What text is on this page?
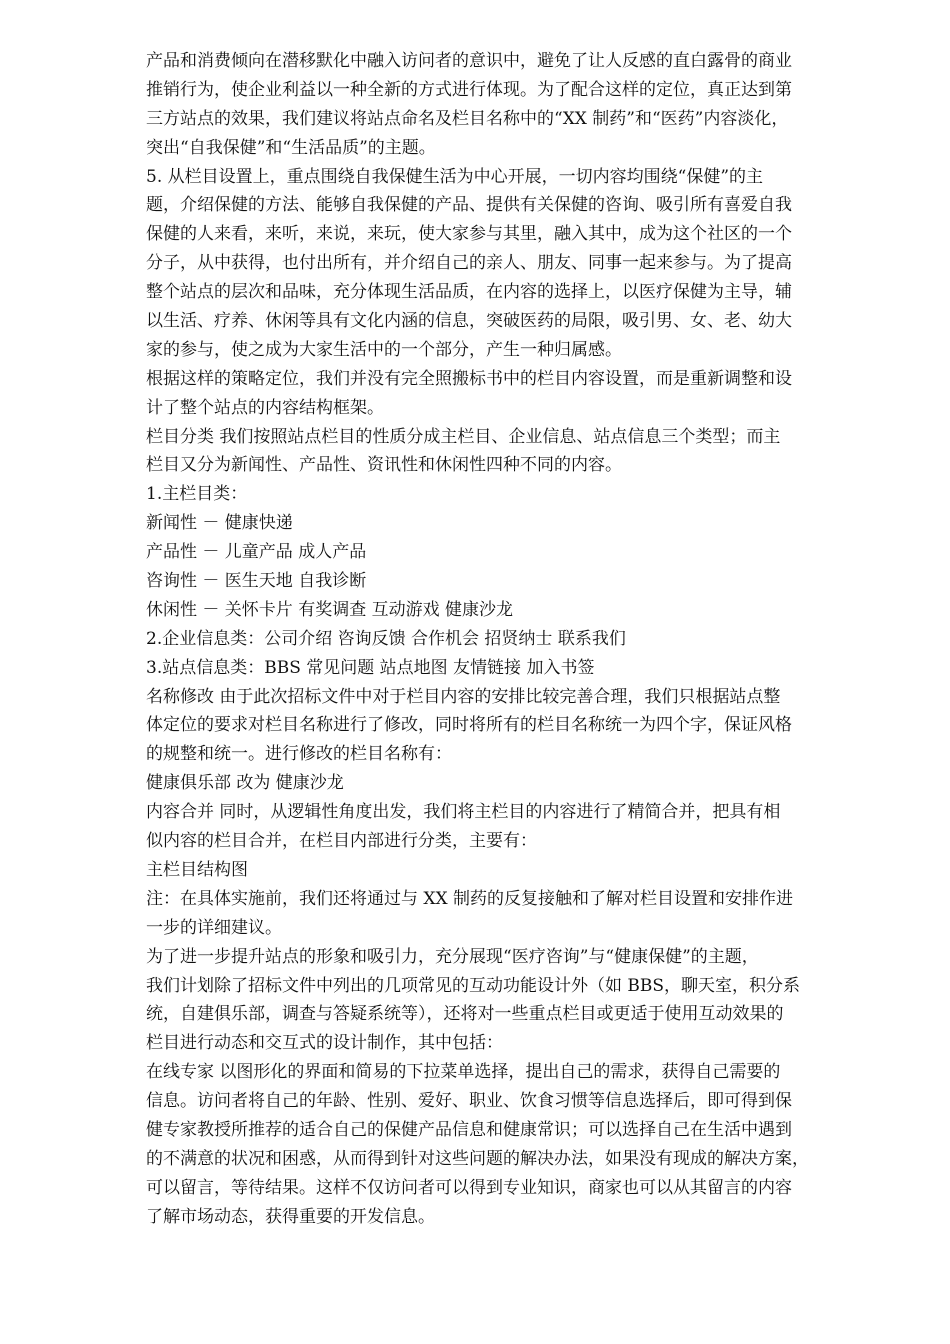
产品和消费倾向在潜移默化中融入访问者的意识中，避免了让人反感的直白露骨的商业
推销行为，使企业利益以一种全新的方式进行体现。为了配合这样的定位，真正达到第
三方站点的效果，我们建议将站点命名及栏目名称中的“XX 制药”和“医药”内容淡化，
突出“自我保健”和“生活品质”的主题。
5. 从栏目设置上，重点围绕自我保健生活为中心开展，一切内容均围绕“保健”的主
题，介绍保健的方法、能够自我保健的产品、提供有关保健的咨询、吸引所有喜爱自我
保健的人来看，来听，来说，来玩，使大家参与其里，融入其中，成为这个社区的一个
分子，从中获得，也付出所有，并介绍自己的亲人、朋友、同事一起来参与。为了提高
整个站点的层次和品味，充分体现生活品质，在内容的选择上，以医疗保健为主导，辅
以生活、疗养、休闲等具有文化内涵的信息，突破医药的局限，吸引男、女、老、幼大
家的参与，使之成为大家生活中的一个部分，产生一种归属感。
根据这样的策略定位，我们并没有完全照搬标书中的栏目内容设置，而是重新调整和设
计了整个站点的内容结构框架。
栏目分类 我们按照站点栏目的性质分成主栏目、企业信息、站点信息三个类型；而主
栏目又分为新闻性、产品性、资讯性和休闲性四种不同的内容。
1.主栏目类：
新闻性 － 健康快递
产品性 － 儿童产品 成人产品
咨询性 － 医生天地 自我诊断
休闲性 － 关怀卡片 有奖调查 互动游戏 健康沙龙
2.企业信息类：公司介绍 咨询反馈 合作机会 招贤纳士 联系我们
3.站点信息类：BBS 常见问题 站点地图 友情链接 加入书签
名称修改 由于此次招标文件中对于栏目内容的安排比较完善合理，我们只根据站点整
体定位的要求对栏目名称进行了修改，同时将所有的栏目名称统一为四个字，保证风格
的规整和统一。进行修改的栏目名称有：
健康俱乐部 改为 健康沙龙
内容合并 同时，从逻辑性角度出发，我们将主栏目的内容进行了精简合并，把具有相
似内容的栏目合并，在栏目内部进行分类，主要有：
主栏目结构图
注：在具体实施前，我们还将通过与 XX 制药的反复接触和了解对栏目设置和安排作进
一步的详细建议。
为了进一步提升站点的形象和吸引力，充分展现“医疗咨询”与“健康保健”的主题，
我们计划除了招标文件中列出的几项常见的互动功能设计外（如 BBS，聊天室，积分系
统，自建俱乐部，调查与答疑系统等），还将对一些重点栏目或更适于使用互动效果的
栏目进行动态和交互式的设计制作，其中包括：
在线专家 以图形化的界面和简易的下拉菜单选择，提出自己的需求，获得自己需要的
信息。访问者将自己的年龄、性别、爱好、职业、饮食习惯等信息选择后，即可得到保
健专家教授所推荐的适合自己的保健产品信息和健康常识；可以选择自己在生活中遇到
的不满意的状况和困惑，从而得到针对这些问题的解决办法，如果没有现成的解决方案，
可以留言，等待结果。这样不仅访问者可以得到专业知识，商家也可以从其留言的内容
了解市场动态，获得重要的开发信息。
